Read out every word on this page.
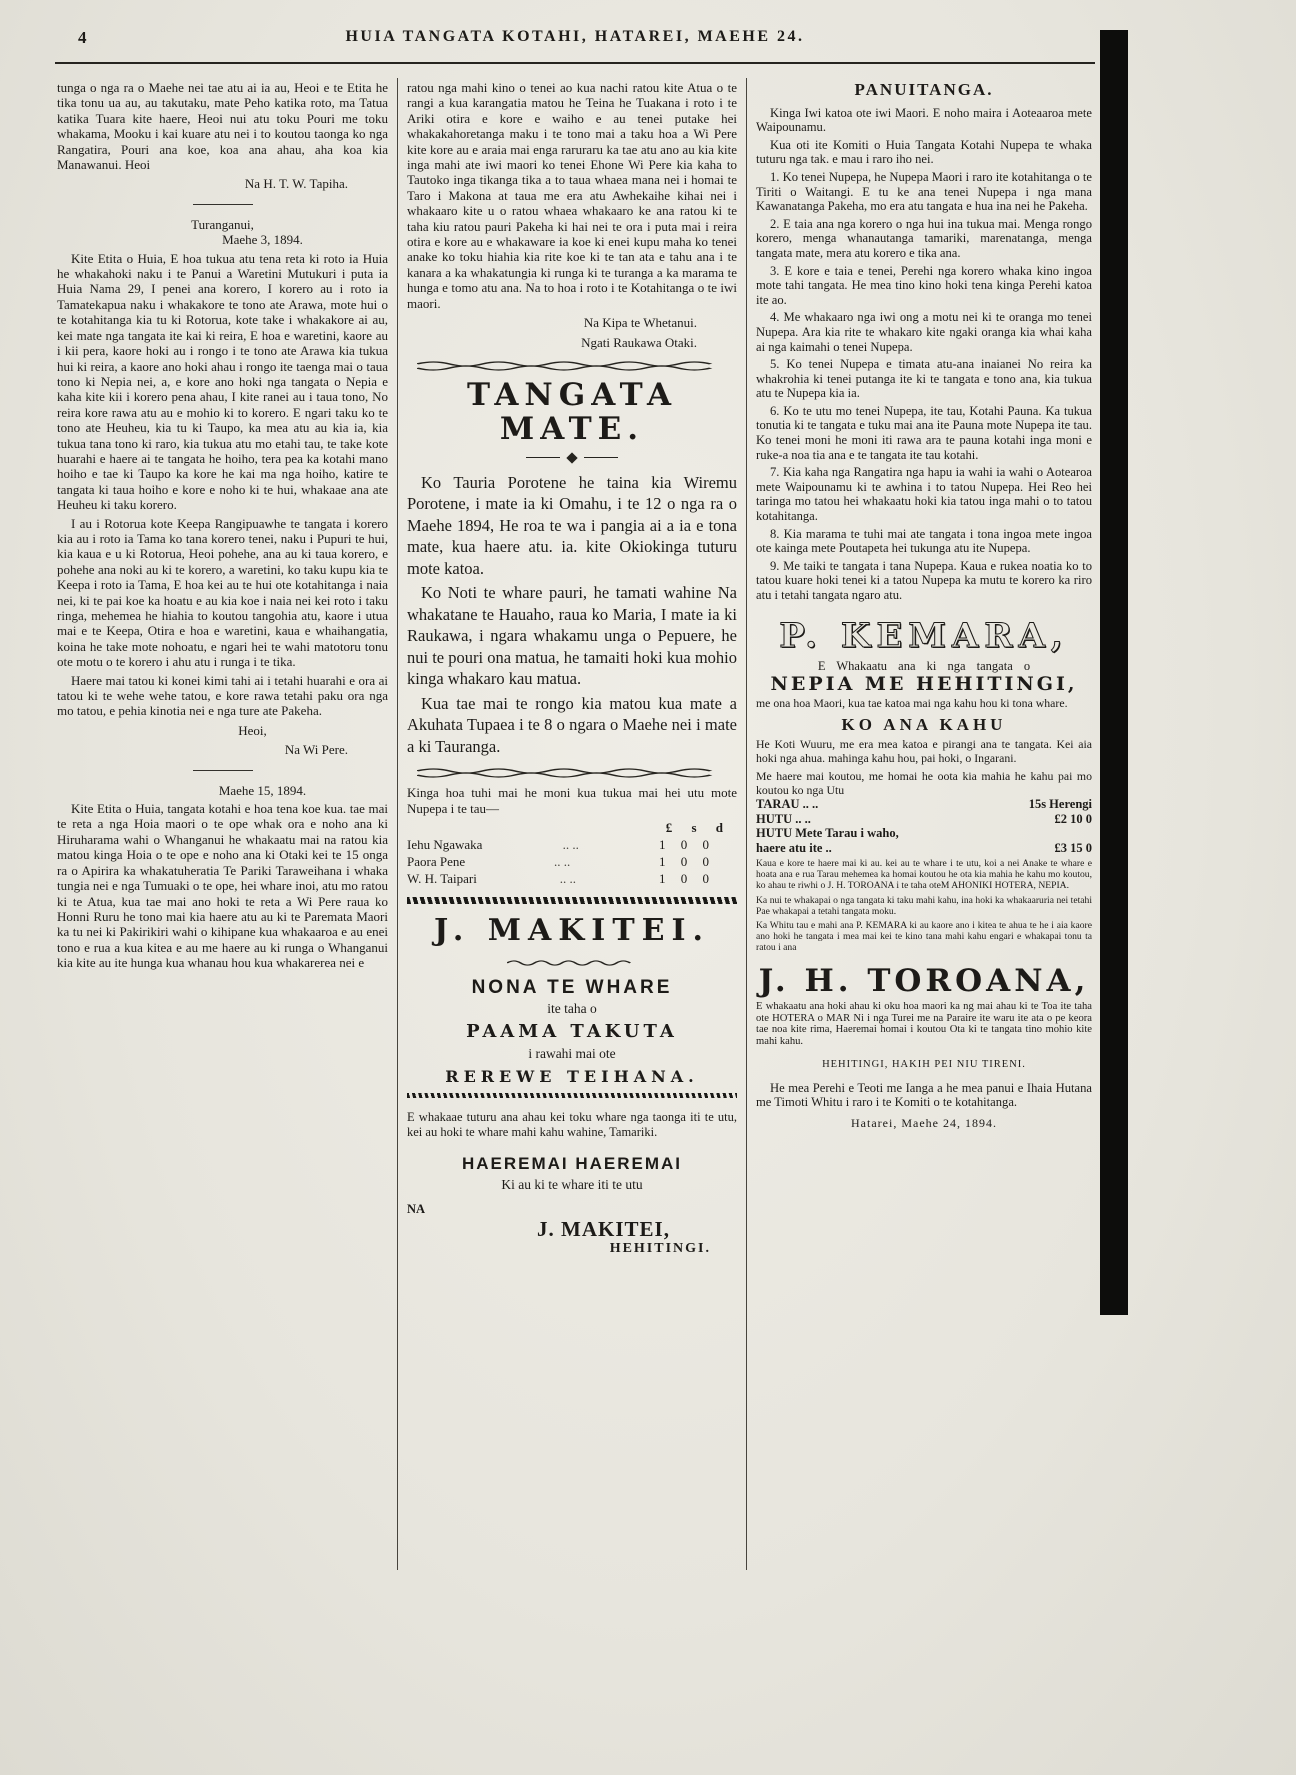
4	HUIA TANGATA KOTAHI, HATAREI, MAEHE 24.

tunga o nga ra o Maehe nei tae atu ai ia au, Heoi e te Etita he tika tonu ua au, au takutaku, mate Peho katika roto, ma Tatua katika Tuara kite haere, Heoi nui atu toku Pouri me toku whakama, Mooku i kai kuare atu nei i to koutou taonga ko nga Rangatira, Pouri ana koe, koa ana ahau, aha koa kia Manawanui. Heoi

Na H. T. W. Tapiha.

Turanganui,

Maehe 3, 1894.

Kite Etita o Huia, E hoa tukua atu tena reta ki roto ia Huia he whakahoki naku i te Panui a Waretini Mutukuri i puta ia Huia Nama 29, I penei ana korero, I korero au i roto ia Tamatekapua naku i whakakore te tono ate Arawa, mote hui o te kotahitanga kia tu ki Rotorua, kote take i whakakore ai au, kei mate nga tangata ite kai ki reira, E hoa e waretini, kaore au i kii pera, kaore hoki au i rongo i te tono ate Arawa kia tukua hui ki reira, a kaore ano hoki ahau i rongo ite taenga mai o taua tono ki Nepia nei, a, e kore ano hoki nga tangata o Nepia e kaha kite kii i korero pena ahau, I kite ranei au i taua tono, No reira kore rawa atu au e mohio ki to korero. E ngari taku ko te tono ate Heuheu, kia tu ki Taupo, ka mea atu au kia ia, kia tukua tana tono ki raro, kia tukua atu mo etahi tau, te take kote huarahi e haere ai te tangata he hoiho, tera pea ka kotahi mano hoiho e tae ki Taupo ka kore he kai ma nga hoiho, katire te tangata ki taua hoiho e kore e noho ki te hui, whakaae ana ate Heuheu ki taku korero.

I au i Rotorua kote Keepa Rangipuawhe te tangata i korero kia au i roto ia Tama ko tana korero tenei, naku i Pupuri te hui, kia kaua e u ki Rotorua, Heoi pohehe, ana au ki taua korero, e pohehe ana noki au ki te korero, a waretini, ko taku kupu kia te Keepa i roto ia Tama, E hoa kei au te hui ote kotahitanga i naia nei, ki te pai koe ka hoatu e au kia koe i naia nei kei roto i taku ringa, mehemea he hiahia to koutou tangohia atu, kaore i utua mai e te Keepa, Otira e hoa e waretini, kaua e whaihangatia, koina he take mote nohoatu, e ngari hei te wahi matotoru tonu ote motu o te korero i ahu atu i runga i te tika.

Haere mai tatou ki konei kimi tahi ai i tetahi huarahi e ora ai tatou ki te wehe wehe tatou, e kore rawa tetahi paku ora nga mo tatou, e pehia kinotia nei e nga ture ate Pakeha.

Heoi,

Na Wi Pere.

Maehe 15, 1894.

Kite Etita o Huia, tangata kotahi e hoa tena koe kua. tae mai te reta a nga Hoia maori o te ope whak ora e noho ana ki Hiruharama wahi o Whanganui he whakaatu mai na ratou kia matou kinga Hoia o te ope e noho ana ki Otaki kei te 15 onga ra o Apirira ka whakatuheratia Te Pariki Taraweihana i whaka tungia nei e nga Tumuaki o te ope, hei whare inoi, atu mo ratou ki te Atua, kua tae mai ano hoki te reta a Wi Pere raua ko Honni Ruru he tono mai kia haere atu au ki te Paremata Maori ka tu nei ki Pakirikiri wahi o kihipane kua whakaaroa e au enei tono e rua a kua kitea e au me haere au ki runga o Whanganui kia kite au ite hunga kua whanau hou kua whakarerea nei e

ratou nga mahi kino o tenei ao kua nachi ratou kite Atua o te rangi a kua karangatia matou he Teina he Tuakana i roto i te Ariki otira e kore e waiho e au tenei putake hei whakakahoretanga maku i te tono mai a taku hoa a Wi Pere kite kore au e araia mai enga raruraru ka tae atu ano au kia kite inga mahi ate iwi maori ko tenei Ehone Wi Pere kia kaha to Tautoko inga tikanga tika a to taua whaea mana nei i homai te Taro i Makona at taua me era atu Awhekaihe kihai nei i whakaaro kite u o ratou whaea whakaaro ke ana ratou ki te taha kiu ratou pauri Pakeha ki hai nei te ora i puta mai i reira otira e kore au e whakaware ia koe ki enei kupu maha ko tenei anake ko toku hiahia kia rite koe ki te tan ata e tahu ana i te kanara a ka whakatungia ki runga ki te turanga a ka marama te hunga e tomo atu ana. Na to hoa i roto i te Kotahitanga o te iwi maori.

Na Kipa te Whetanui.

Ngati Raukawa Otaki.

TANGATA MATE.

Ko Tauria Porotene he taina kia Wiremu Porotene, i mate ia ki Omahu, i te 12 o nga ra o Maehe 1894, He roa te wa i pangia ai a ia e tona mate, kua haere atu. ia. kite Okiokinga tuturu mote katoa.

Ko Noti te whare pauri, he tamati wahine Na whakatane te Hauaho, raua ko Maria, I mate ia ki Raukawa, i ngara whakamu unga o Pepuere, he nui te pouri ona matua, he tamaiti hoki kua mohio kinga whakaro kau matua.

Kua tae mai te rongo kia matou kua mate a Akuhata Tupaea i te 8 o ngara o Maehe nei i mate a ki Tauranga.

Kinga hoa tuhi mai he moni kua tukua mai hei utu mote Nupepa i te tau—

£ s d
Iehu Ngawaka	.. ..	1 0 0
Paora Pene	.. ..	1 0 0
W. H. Taipari	.. ..	1 0 0

J. MAKITEI.

NONA TE WHARE

ite taha o

PAAMA TAKUTA

i rawahi mai ote

REREWE TEIHANA.

E whakaae tuturu ana ahau kei toku whare nga taonga iti te utu, kei au hoki te whare mahi kahu wahine, Tamariki.

HAEREMAI HAEREMAI

Ki au ki te whare iti te utu

NA

J. MAKITEI,

HEHITINGI.

PANUITANGA.

Kinga Iwi katoa ote iwi Maori. E noho maira i Aoteaaroa mete Waipounamu.

Kua oti ite Komiti o Huia Tangata Kotahi Nupepa te whaka tuturu nga tak. e mau i raro iho nei.

1. Ko tenei Nupepa, he Nupepa Maori i raro ite kotahitanga o te Tiriti o Waitangi. E tu ke ana tenei Nupepa i nga mana Kawanatanga Pakeha, mo era atu tangata e hua ina nei he Pakeha.

2. E taia ana nga korero o nga hui ina tukua mai. Menga rongo korero, menga whanautanga tamariki, marenatanga, menga tangata mate, mera atu korero e tika ana.

3. E kore e taia e tenei, Perehi nga korero whaka kino ingoa mote tahi tangata. He mea tino kino hoki tena kinga Perehi katoa ite ao.

4. Me whakaaro nga iwi ong a motu nei ki te oranga mo tenei Nupepa. Ara kia rite te whakaro kite ngaki oranga kia whai kaha ai nga kaimahi o tenei Nupepa.

5. Ko tenei Nupepa e timata atu-ana inaianei No reira ka whakrohia ki tenei putanga ite ki te tangata e tono ana, kia tukua atu te Nupepa kia ia.

6. Ko te utu mo tenei Nupepa, ite tau, Kotahi Pauna. Ka tukua tonutia ki te tangata e tuku mai ana ite Pauna mote Nupepa ite tau. Ko tenei moni he moni iti rawa ara te pauna kotahi inga moni e ruke-a noa tia ana e te tangata ite tau kotahi.

7. Kia kaha nga Rangatira nga hapu ia wahi ia wahi o Aotearoa mete Waipounamu ki te awhina i to tatou Nupepa. Hei Reo hei taringa mo tatou hei whakaatu hoki kia tatou inga mahi o to tatou kotahitanga.

8. Kia marama te tuhi mai ate tangata i tona ingoa mete ingoa ote kainga mete Poutapeta hei tukunga atu ite Nupepa.

9. Me taiki te tangata i tana Nupepa. Kaua e rukea noatia ko to tatou kuare hoki tenei ki a tatou Nupepa ka mutu te korero ka riro atu i tetahi tangata ngaro atu.

P. KEMARA,

E Whakaatu ana ki nga tangata o

NEPIA ME HEHITINGI,

me ona hoa Maori, kua tae katoa mai nga kahu hou ki tona whare.

KO ANA KAHU

He Koti Wuuru, me era mea katoa e pirangi ana te tangata. Kei aia hoki nga ahua. mahinga kahu hou, pai hoki, o Ingarani.

Me haere mai koutou, me homai he oota kia mahia he kahu pai mo koutou ko nga Utu

TARAU .. ..	15s Herengi
HUTU .. ..	£2 10 0
HUTU Mete Tarau i waho,
haere atu ite ..	£3 15 0

Kaua e kore te haere mai ki au. kei au te whare i te utu, koi a nei Anake te whare e hoata ana e rua Tarau mehemea ka homai koutou he ota kia mahia he kahu mo koutou, ko ahau te riwhi o J. H. TOROANA i te taha oteM AHONIKI HOTERA, NEPIA.

Ka nui te whakapai o nga tangata ki taku mahi kahu, ina hoki ka whakaaruria nei tetahi Pae whakapai a tetahi tangata moku.

Ka Whitu tau e mahi ana P. KEMARA ki au kaore ano i kitea te ahua te he i aia kaore ano hoki he tangata i mea mai kei te kino tana mahi kahu engari e whakapai tonu ta ratou i ana

J. H. TOROANA,

E whakaatu ana hoki ahau ki oku hoa maori ka ng mai ahau ki te Toa ite taha ote HOTERA o MAR Ni i nga Turei me na Paraire ite waru ite ata o pe keora tae noa kite rima, Haeremai homai i koutou Ota ki te tangata tino mohio kite mahi kahu.

HEHITINGI, HAKIH PEI NIU TIRENI.

He mea Perehi e Teoti me Ianga a he mea panui e Ihaia Hutana me Timoti Whitu i raro i te Komiti o te kotahitanga.

Hatarei, Maehe 24, 1894.
